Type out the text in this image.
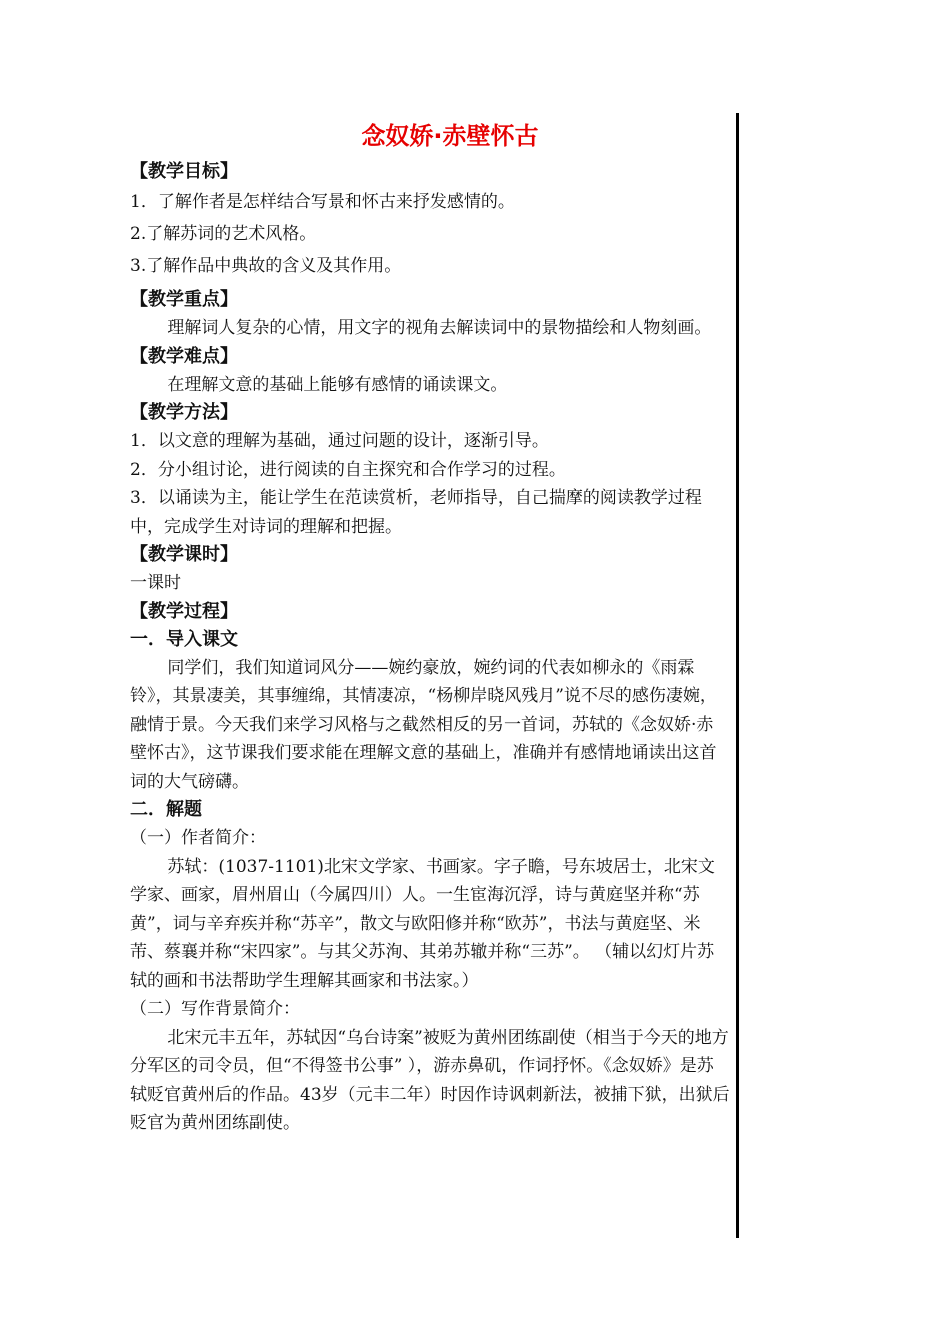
念奴娇·赤壁怀古

【教学目标】

1．了解作者是怎样结合写景和怀古来抒发感情的。

2.了解苏词的艺术风格。

3.了解作品中典故的含义及其作用。

【教学重点】

理解词人复杂的心情，用文字的视角去解读词中的景物描绘和人物刻画。

【教学难点】

在理解文意的基础上能够有感情的诵读课文。

【教学方法】

1．以文意的理解为基础，通过问题的设计，逐渐引导。

2．分小组讨论，进行阅读的自主探究和合作学习的过程。

3．以诵读为主，能让学生在范读赏析，老师指导，自己揣摩的阅读教学过程中，完成学生对诗词的理解和把握。

【教学课时】

一课时

【教学过程】

一．导入课文

同学们，我们知道词风分——婉约豪放，婉约词的代表如柳永的《雨霖铃》，其景凄美，其事缠绵，其情凄凉，“杨柳岸晓风残月”说不尽的感伤凄婉，融情于景。今天我们来学习风格与之截然相反的另一首词，苏轼的《念奴娇·赤壁怀古》，这节课我们要求能在理解文意的基础上，准确并有感情地诵读出这首词的大气磅礴。

二．解题

（一）作者简介：

苏轼：(1037-1101)北宋文学家、书画家。字子瞻，号东坡居士，北宋文学家、画家，眉州眉山（今属四川）人。一生宦海沉浮，诗与黄庭坚并称“苏黄”，词与辛弃疾并称“苏辛”，散文与欧阳修并称“欧苏”，书法与黄庭坚、米芾、蔡襄并称“宋四家”。与其父苏洵、其弟苏辙并称“三苏”。 （辅以幻灯片苏轼的画和书法帮助学生理解其画家和书法家。）

（二）写作背景简介：

北宋元丰五年，苏轼因“乌台诗案”被贬为黄州团练副使（相当于今天的地方分军区的司令员，但“不得签书公事” ），游赤鼻矶，作词抒怀。《念奴娇》是苏轼贬官黄州后的作品。43岁（元丰二年）时因作诗讽刺新法，被捕下狱，出狱后贬官为黄州团练副使。
